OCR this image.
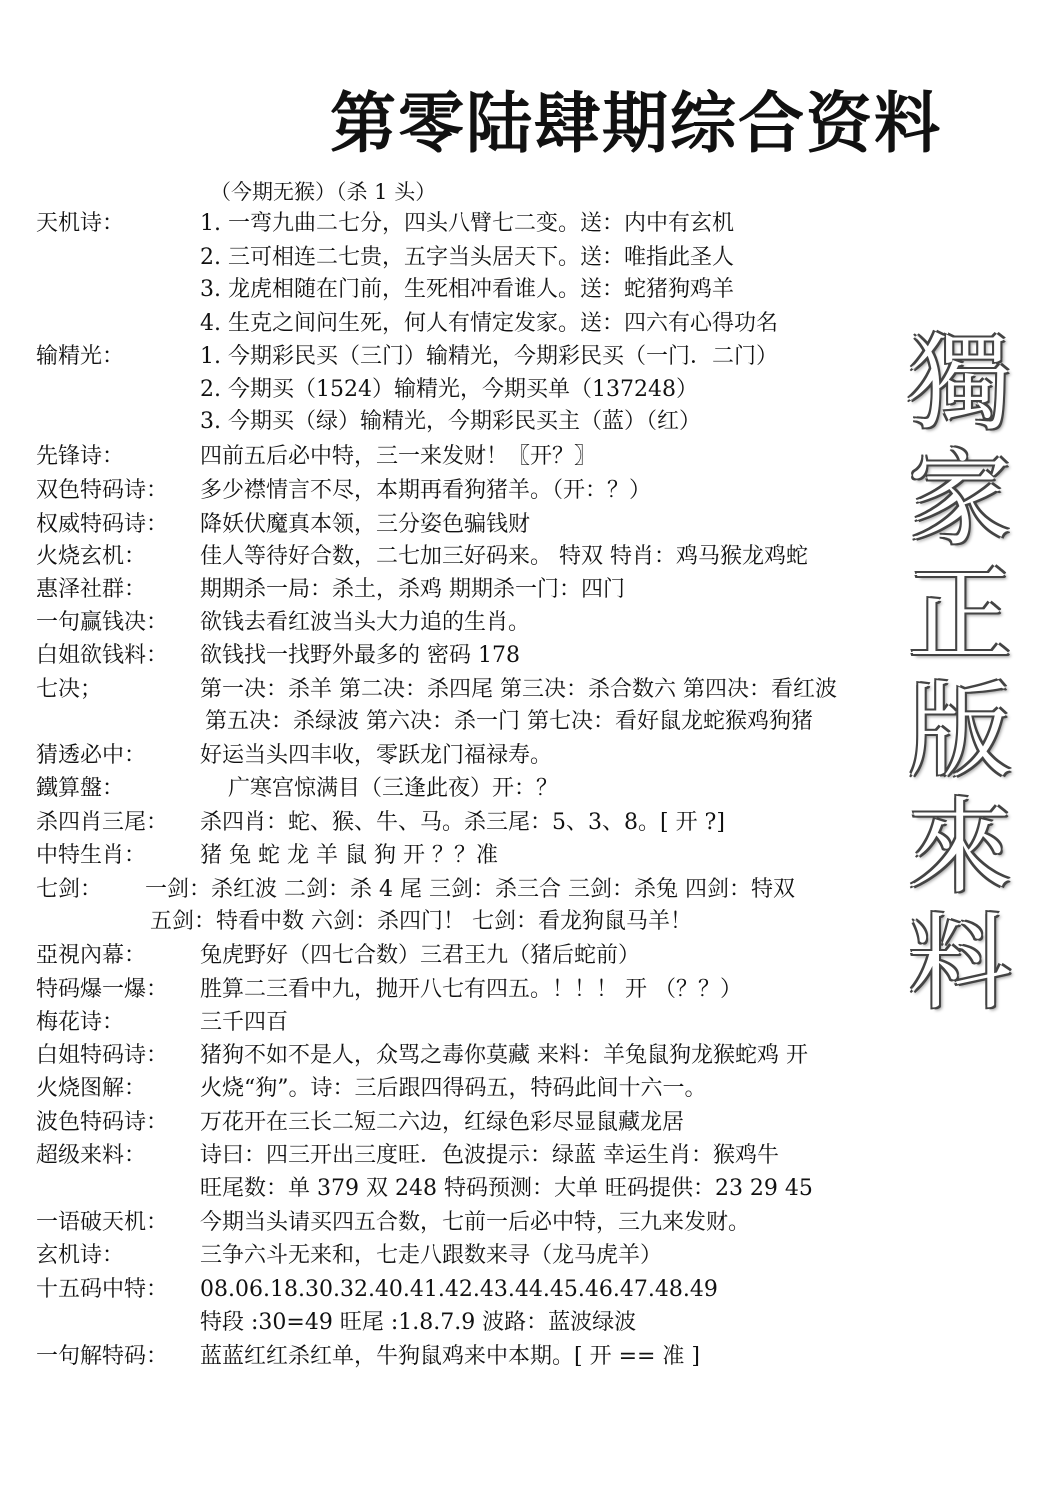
第零陆肆期综合资料
（今期无猴）（杀 1 头）
天机诗：	1. 一弯九曲二七分，四头八臂七二变。送：内中有玄机
2. 三可相连二七贵，五字当头居天下。送：唯指此圣人
3. 龙虎相随在门前，生死相冲看谁人。送：蛇猪狗鸡羊
4. 生克之间问生死，何人有情定发家。送：四六有心得功名
输精光：	1. 今期彩民买（三门）输精光，今期彩民买（一门．二门）
2. 今期买（1524）输精光，今期买单（137248）
3. 今期买（绿）输精光，今期彩民买主（蓝）（红）
先锋诗：	四前五后必中特，三一来发财！〖开？〗
双色特码诗： 多少襟情言不尽，本期再看狗猪羊。（开：？）
权威特码诗： 降妖伏魔真本领，三分姿色骗钱财
火烧玄机： 佳人等待好合数，二七加三好码来。 特双 特肖：鸡马猴龙鸡蛇
惠泽社群： 期期杀一局：杀土，杀鸡 期期杀一门：四门
一句赢钱决： 欲钱去看红波当头大力追的生肖。
白姐欲钱料： 欲钱找一找野外最多的 密码 178
七决；	第一决：杀羊 第二决：杀四尾 第三决：杀合数六 第四决：看红波
第五决：杀绿波 第六决：杀一门 第七决：看好鼠龙蛇猴鸡狗猪
猜透必中： 好运当头四丰收，零跃龙门福禄寿。
鐵算盤：	广寒宫惊满目（三逢此夜）开：？
杀四肖三尾： 杀四肖：蛇、猴、牛、马。杀三尾：5、3、8。[ 开 ?]
中特生肖： 猪 兔 蛇 龙 羊 鼠 狗 开 ？？准
七剑： 一剑：杀红波 二剑：杀 4 尾 三剑：杀三合 三剑：杀兔 四剑：特双
五剑：特看中数 六剑：杀四门！ 七剑：看龙狗鼠马羊！
亞視內幕： 兔虎野好（四七合数）三君王九（猪后蛇前）
特码爆一爆： 胜算二三看中九，抛开八七有四五。！！！ 开 （？？）
梅花诗：	三千四百
白姐特码诗： 猪狗不如不是人，众骂之毒你莫藏 来料：羊兔鼠狗龙猴蛇鸡 开
火烧图解： 火烧“狗”。诗：三后跟四得码五，特码此间十六一。
波色特码诗： 万花开在三长二短二六边，红绿色彩尽显鼠藏龙居
超级来料： 诗曰：四三开出三度旺．色波提示：绿蓝 幸运生肖：猴鸡牛
旺尾数：单 379 双 248 特码预测：大单 旺码提供：23 29 45
一语破天机： 今期当头请买四五合数，七前一后必中特，三九来发财。
玄机诗：	三争六斗无来和，七走八跟数来寻（龙马虎羊）
十五码中特： 08.06.18.30.32.40.41.42.43.44.45.46.47.48.49
特段 :30=49 旺尾 :1.8.7.9 波路：蓝波绿波
一句解特码： 蓝蓝红红杀红单，牛狗鼠鸡来中本期。[ 开 == 准 ]
獨
家
正
版
來
料
